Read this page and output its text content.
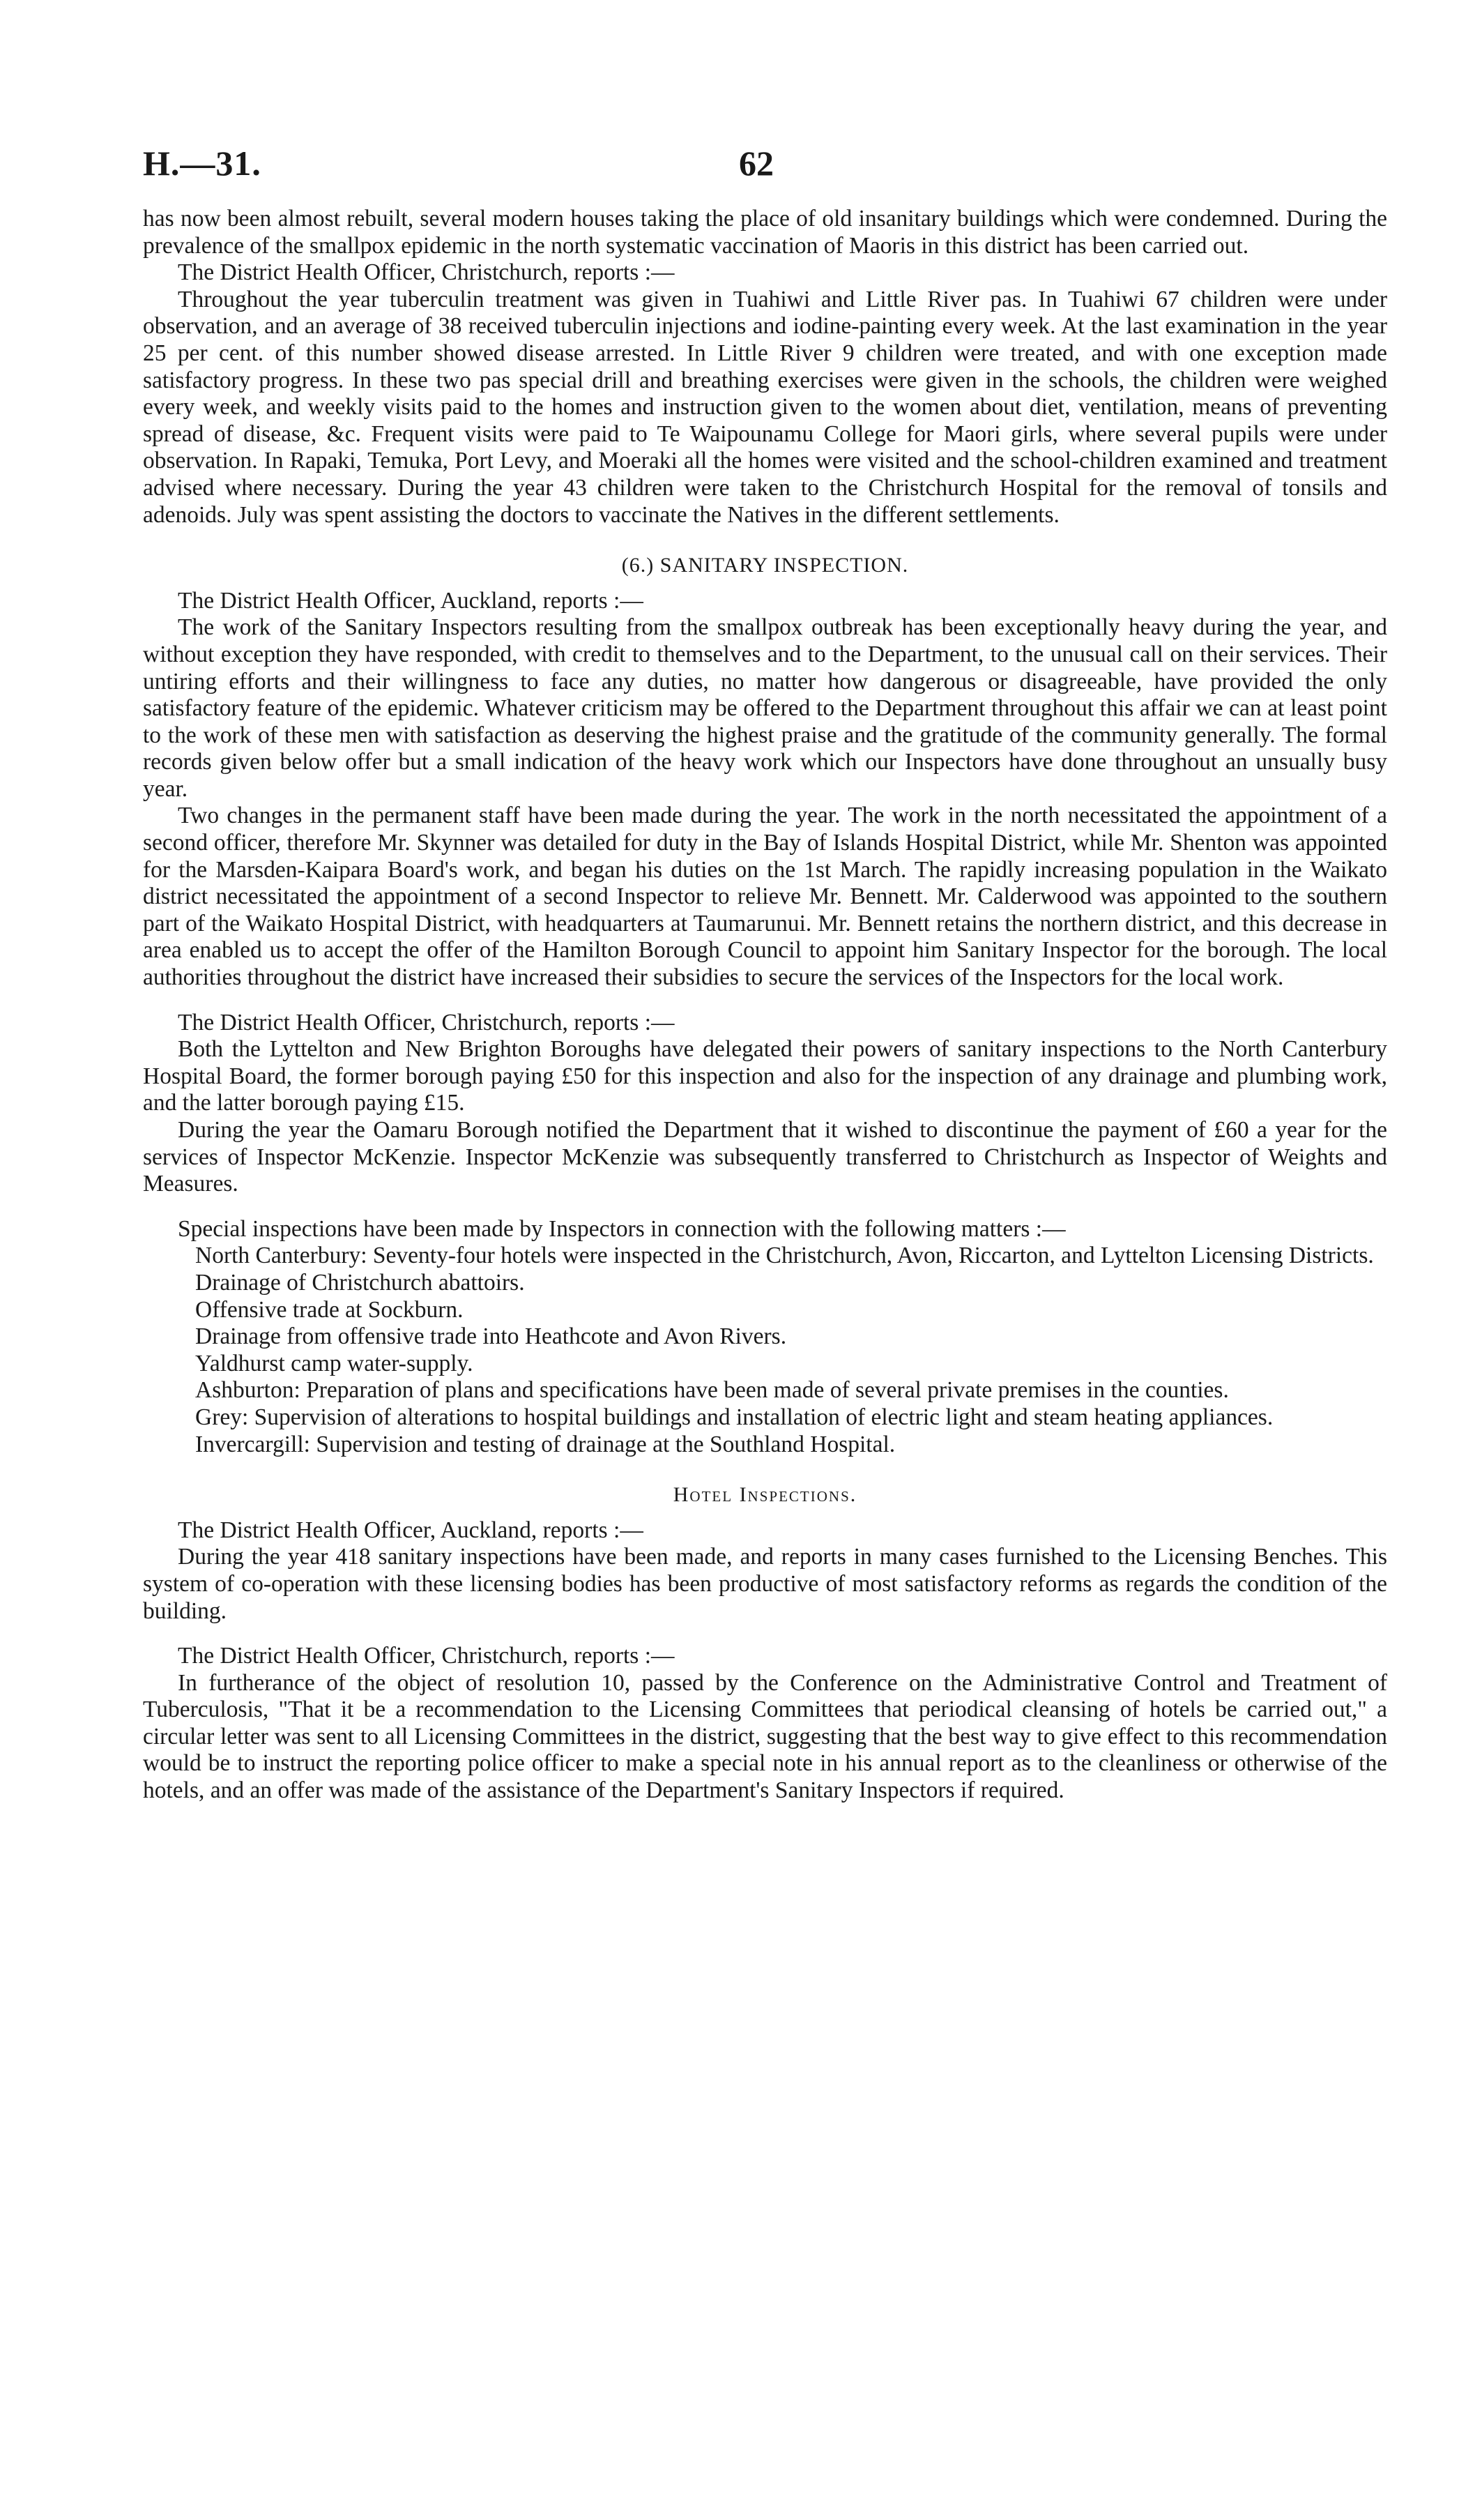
H.—31.	62

has now been almost rebuilt, several modern houses taking the place of old insanitary buildings which were condemned. During the prevalence of the smallpox epidemic in the north systematic vaccination of Maoris in this district has been carried out.

The District Health Officer, Christchurch, reports :—

Throughout the year tuberculin treatment was given in Tuahiwi and Little River pas. In Tuahiwi 67 children were under observation, and an average of 38 received tuberculin injections and iodine-painting every week. At the last examination in the year 25 per cent. of this number showed disease arrested. In Little River 9 children were treated, and with one exception made satisfactory progress. In these two pas special drill and breathing exercises were given in the schools, the children were weighed every week, and weekly visits paid to the homes and instruction given to the women about diet, ventilation, means of preventing spread of disease, &c. Frequent visits were paid to Te Waipounamu College for Maori girls, where several pupils were under observation. In Rapaki, Temuka, Port Levy, and Moeraki all the homes were visited and the school-children examined and treatment advised where necessary. During the year 43 children were taken to the Christchurch Hospital for the removal of tonsils and adenoids. July was spent assisting the doctors to vaccinate the Natives in the different settlements.

(6.) SANITARY INSPECTION.

The District Health Officer, Auckland, reports :—

The work of the Sanitary Inspectors resulting from the smallpox outbreak has been exceptionally heavy during the year, and without exception they have responded, with credit to themselves and to the Department, to the unusual call on their services. Their untiring efforts and their willingness to face any duties, no matter how dangerous or disagreeable, have provided the only satisfactory feature of the epidemic. Whatever criticism may be offered to the Department throughout this affair we can at least point to the work of these men with satisfaction as deserving the highest praise and the gratitude of the community generally. The formal records given below offer but a small indication of the heavy work which our Inspectors have done throughout an unsually busy year.

Two changes in the permanent staff have been made during the year. The work in the north necessitated the appointment of a second officer, therefore Mr. Skynner was detailed for duty in the Bay of Islands Hospital District, while Mr. Shenton was appointed for the Marsden-Kaipara Board's work, and began his duties on the 1st March. The rapidly increasing population in the Waikato district necessitated the appointment of a second Inspector to relieve Mr. Bennett. Mr. Calderwood was appointed to the southern part of the Waikato Hospital District, with headquarters at Taumarunui. Mr. Bennett retains the northern district, and this decrease in area enabled us to accept the offer of the Hamilton Borough Council to appoint him Sanitary Inspector for the borough. The local authorities throughout the district have increased their subsidies to secure the services of the Inspectors for the local work.

The District Health Officer, Christchurch, reports :—

Both the Lyttelton and New Brighton Boroughs have delegated their powers of sanitary inspections to the North Canterbury Hospital Board, the former borough paying £50 for this inspection and also for the inspection of any drainage and plumbing work, and the latter borough paying £15.

During the year the Oamaru Borough notified the Department that it wished to discontinue the payment of £60 a year for the services of Inspector McKenzie. Inspector McKenzie was subsequently transferred to Christchurch as Inspector of Weights and Measures.

Special inspections have been made by Inspectors in connection with the following matters :—

North Canterbury: Seventy-four hotels were inspected in the Christchurch, Avon, Riccarton, and Lyttelton Licensing Districts.

Drainage of Christchurch abattoirs.

Offensive trade at Sockburn.

Drainage from offensive trade into Heathcote and Avon Rivers.

Yaldhurst camp water-supply.

Ashburton: Preparation of plans and specifications have been made of several private premises in the counties.

Grey: Supervision of alterations to hospital buildings and installation of electric light and steam heating appliances.

Invercargill: Supervision and testing of drainage at the Southland Hospital.

Hotel Inspections.

The District Health Officer, Auckland, reports :—

During the year 418 sanitary inspections have been made, and reports in many cases furnished to the Licensing Benches. This system of co-operation with these licensing bodies has been productive of most satisfactory reforms as regards the condition of the building.

The District Health Officer, Christchurch, reports :—

In furtherance of the object of resolution 10, passed by the Conference on the Administrative Control and Treatment of Tuberculosis, "That it be a recommendation to the Licensing Committees that periodical cleansing of hotels be carried out," a circular letter was sent to all Licensing Committees in the district, suggesting that the best way to give effect to this recommendation would be to instruct the reporting police officer to make a special note in his annual report as to the cleanliness or otherwise of the hotels, and an offer was made of the assistance of the Department's Sanitary Inspectors if required.
